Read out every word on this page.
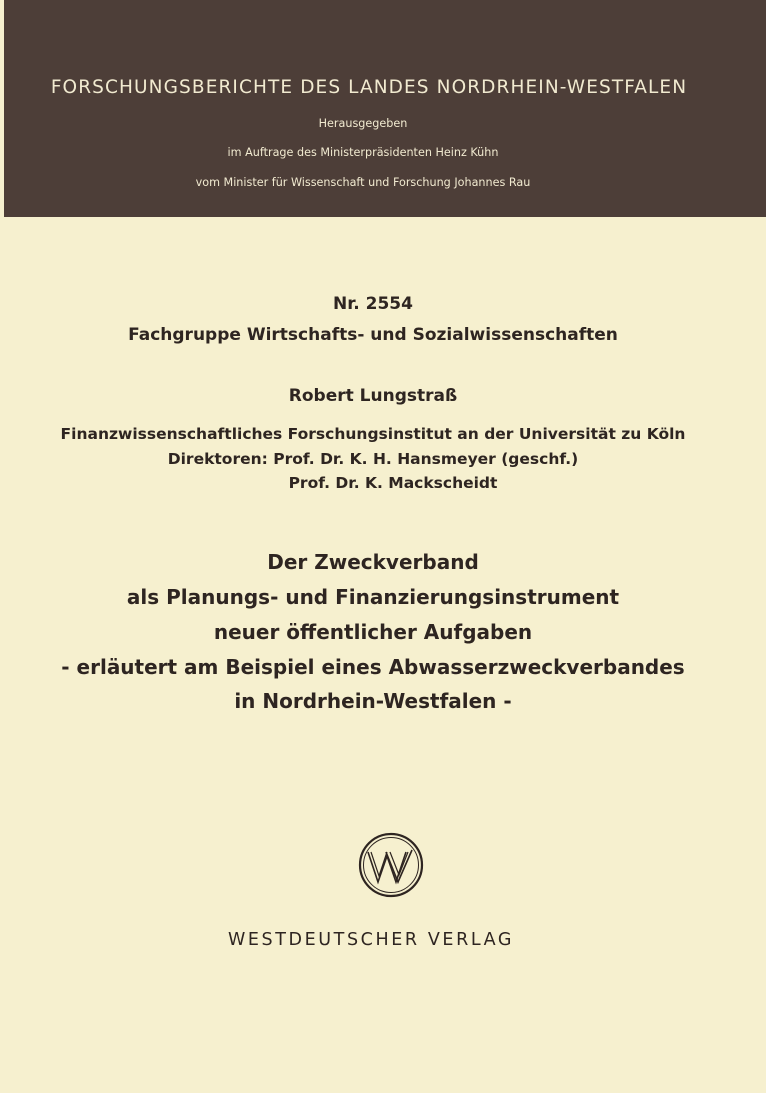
FORSCHUNGSBERICHTE DES LANDES NORDRHEIN-WESTFALEN
Herausgegeben
im Auftrage des Ministerpräsidenten Heinz Kühn
vom Minister für Wissenschaft und Forschung Johannes Rau
Nr. 2554
Fachgruppe Wirtschafts- und Sozialwissenschaften
Robert Lungstraß
Finanzwissenschaftliches Forschungsinstitut an der Universität zu Köln
Direktoren: Prof. Dr. K. H. Hansmeyer (geschf.)
Prof. Dr. K. Mackscheidt
Der Zweckverband
als Planungs- und Finanzierungsinstrument
neuer öffentlicher Aufgaben
- erläutert am Beispiel eines Abwasserzweckverbandes
in Nordrhein-Westfalen -
WESTDEUTSCHER VERLAG
